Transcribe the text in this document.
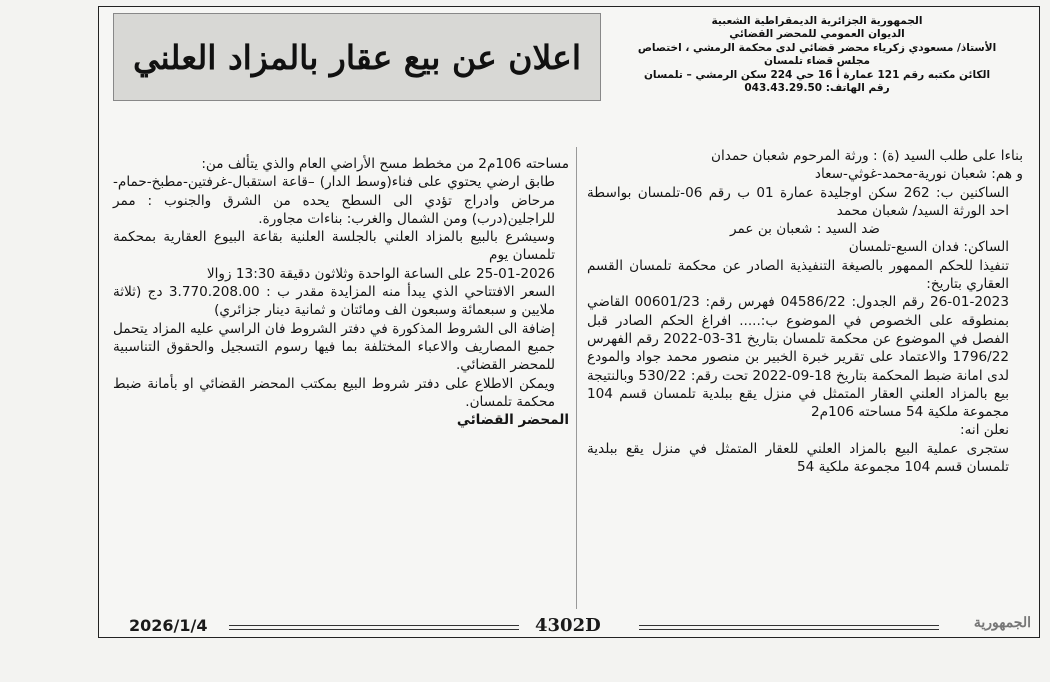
اعلان عن بيع عقار بالمزاد العلني
الجمهورية الجزائرية الديمقراطية الشعبية
الديوان العمومي للمحضر القضائي
الأستاذ/ مسعودي زكرياء محضر قضائي لدى محكمة الرمشي ، اختصاص
مجلس قضاء تلمسان
الكائن مكتبه رقم 121 عمارة أ 16 حي 224 سكن الرمشي – تلمسان
رقم الهاتف: 043.43.29.50

بناءا على طلب السيد (ة) : ورثة المرحوم شعبان حمدان

و هم: شعبان نورية-محمد-غوثي-سعاد

الساكنين ب: 262 سكن اوجليدة عمارة 01 ب رقم 06-تلمسان بواسطة احد الورثة السيد/ شعبان محمد

ضد السيد : شعبان بن عمر

الساكن: فدان السبع-تلمسان

تنفيذا للحكم الممهور بالصيغة التنفيذية الصادر عن محكمة تلمسان القسم العقاري بتاريخ:

26-01-2023 رقم الجدول: 04586/22 فهرس رقم: 00601/23 القاضي بمنطوقه على الخصوص في الموضوع ب:..... افراغ الحكم الصادر قبل الفصل في الموضوع عن محكمة تلمسان بتاريخ 31-03-2022 رقم الفهرس 1796/22 والاعتماد على تقرير خبرة الخبير بن منصور محمد جواد والمودع لدى امانة ضبط المحكمة بتاريخ 18-09-2022 تحت رقم: 530/22 وبالنتيجة بيع بالمزاد العلني العقار المتمثل في منزل يقع ببلدية تلمسان قسم 104 مجموعة ملكية 54 مساحته 106م2

نعلن انه:

ستجرى عملية البيع بالمزاد العلني للعقار المتمثل في منزل يقع ببلدية تلمسان قسم 104 مجموعة ملكية 54

مساحته 106م2 من مخطط مسح الأراضي العام والذي يتألف من:

طابق ارضي يحتوي على فناء(وسط الدار) –قاعة استقبال-غرفتين-مطبخ-حمام-مرحاض وادراج تؤدي الى السطح يحده من الشرق والجنوب : ممر للراجلين(درب) ومن الشمال والغرب: بناءات مجاورة.

وسيشرع بالبيع بالمزاد العلني بالجلسة العلنية بقاعة البيوع العقارية بمحكمة تلمسان يوم

25-01-2026 على الساعة الواحدة وثلاثون دقيقة 13:30 زوالا

السعر الافتتاحي الذي يبدأ منه المزايدة مقدر ب : 3.770.208.00 دج (ثلاثة ملايين و سبعمائة وسبعون الف ومائتان و ثمانية دينار جزائري)

إضافة الى الشروط المذكورة في دفتر الشروط فان الراسي عليه المزاد يتحمل جميع المصاريف والاعباء المختلفة بما فيها رسوم التسجيل والحقوق التناسبية للمحضر القضائي.

ويمكن الاطلاع على دفتر شروط البيع بمكتب المحضر القضائي او بأمانة ضبط محكمة تلمسان.

المحضر القضائي

2026/1/4	4302D	الجمهورية
